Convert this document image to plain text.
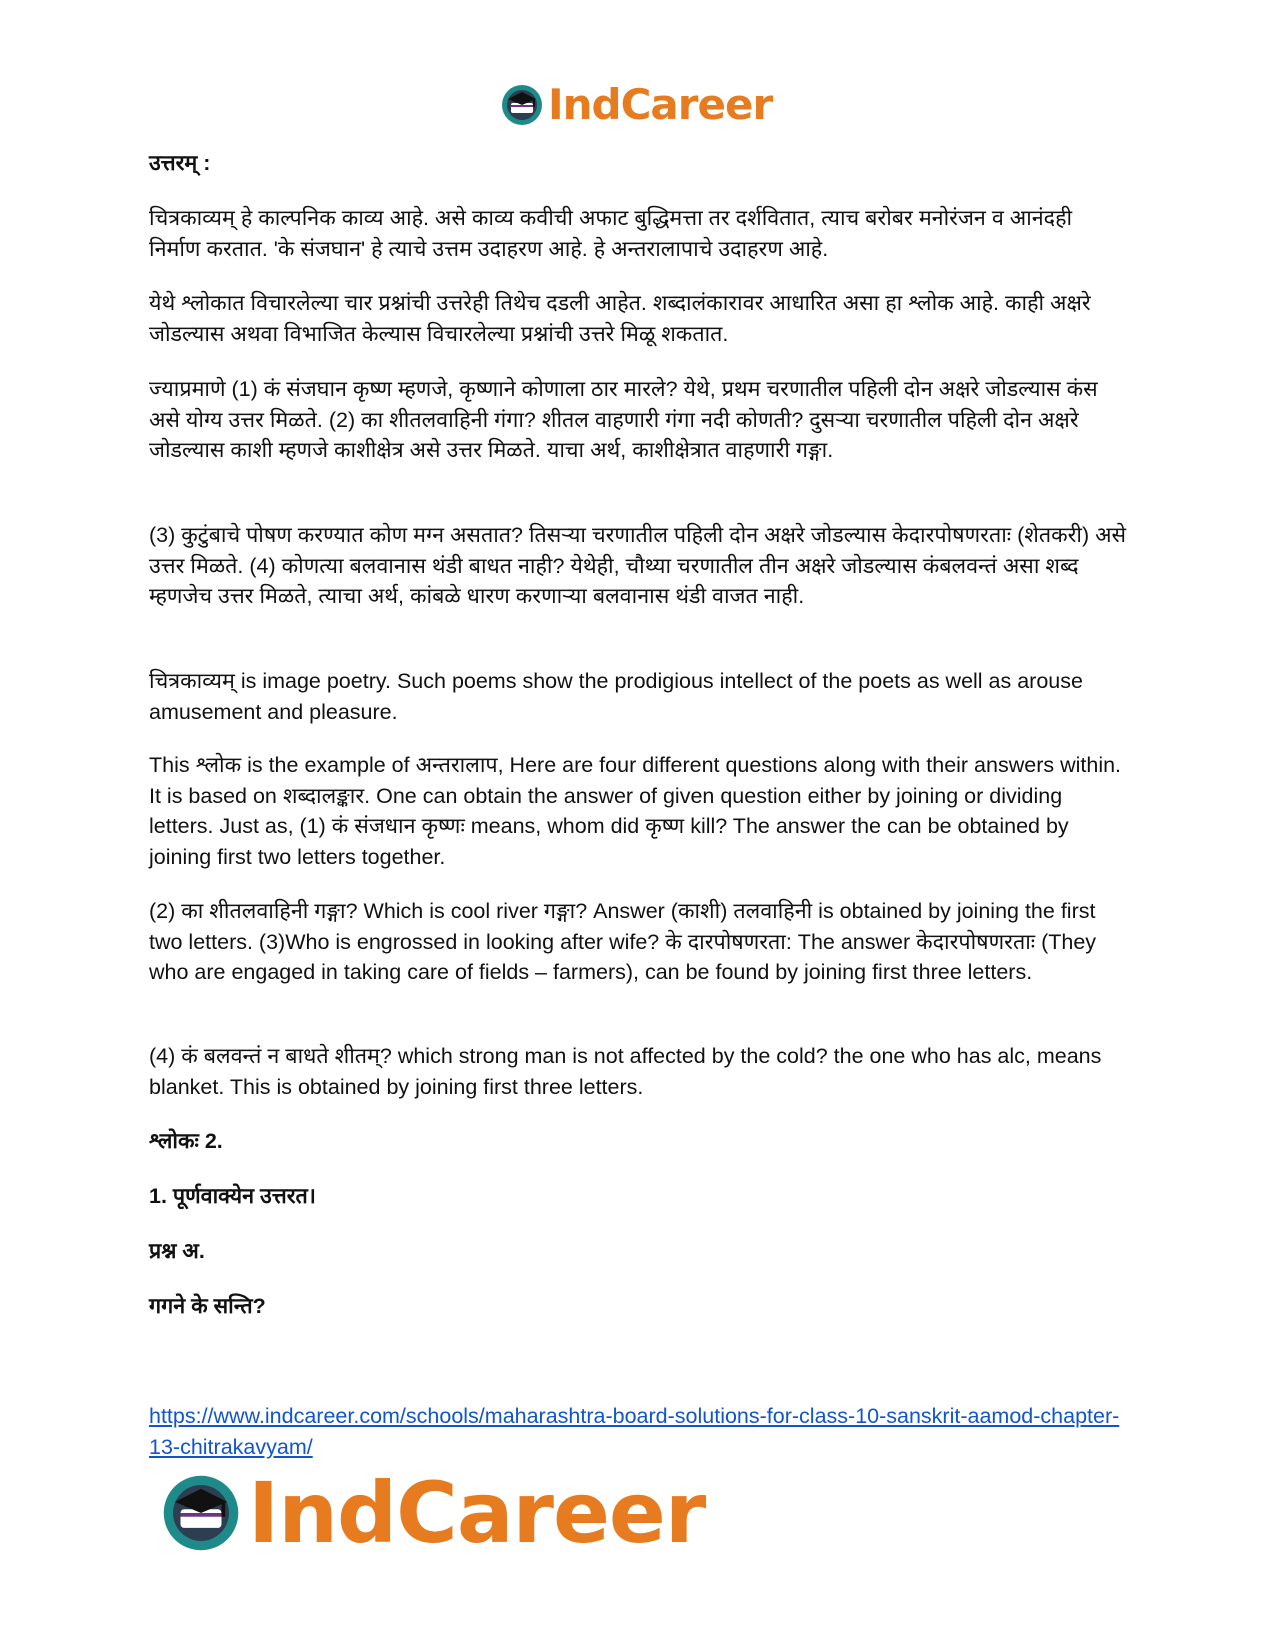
IndCareer

उत्तरम् :

चित्रकाव्यम् हे काल्पनिक काव्य आहे. असे काव्य कवीची अफाट बुद्धिमत्ता तर दर्शवितात, त्याच बरोबर मनोरंजन व आनंदही निर्माण करतात. 'के संजघान' हे त्याचे उत्तम उदाहरण आहे. हे अन्तरालापाचे उदाहरण आहे.

येथे श्लोकात विचारलेल्या चार प्रश्नांची उत्तरेही तिथेच दडली आहेत. शब्दालंकारावर आधारित असा हा श्लोक आहे. काही अक्षरे जोडल्यास अथवा विभाजित केल्यास विचारलेल्या प्रश्नांची उत्तरे मिळू शकतात.

ज्याप्रमाणे (1) कं संजघान कृष्ण म्हणजे, कृष्णाने कोणाला ठार मारले? येथे, प्रथम चरणातील पहिली दोन अक्षरे जोडल्यास कंस असे योग्य उत्तर मिळते. (2) का शीतलवाहिनी गंगा? शीतल वाहणारी गंगा नदी कोणती? दुसऱ्या चरणातील पहिली दोन अक्षरे जोडल्यास काशी म्हणजे काशीक्षेत्र असे उत्तर मिळते. याचा अर्थ, काशीक्षेत्रात वाहणारी गङ्गा.

(3) कुटुंबाचे पोषण करण्यात कोण मग्न असतात? तिसऱ्या चरणातील पहिली दोन अक्षरे जोडल्यास केदारपोषणरताः (शेतकरी) असे उत्तर मिळते. (4) कोणत्या बलवानास थंडी बाधत नाही? येथेही, चौथ्या चरणातील तीन अक्षरे जोडल्यास कंबलवन्तं असा शब्द म्हणजेच उत्तर मिळते, त्याचा अर्थ, कांबळे धारण करणाऱ्या बलवानास थंडी वाजत नाही.

चित्रकाव्यम् is image poetry. Such poems show the prodigious intellect of the poets as well as arouse amusement and pleasure.

This श्लोक is the example of अन्तरालाप, Here are four different questions along with their answers within. It is based on शब्दालङ्कार. One can obtain the answer of given question either by joining or dividing letters. Just as, (1) कं संजधान कृष्णः means, whom did कृष्ण kill? The answer the can be obtained by joining first two letters together.

(2) का शीतलवाहिनी गङ्गा? Which is cool river गङ्गा? Answer (काशी) तलवाहिनी is obtained by joining the first two letters. (3)Who is engrossed in looking after wife? के दारपोषणरता: The answer केदारपोषणरताः (They who are engaged in taking care of fields – farmers), can be found by joining first three letters.

(4) कं बलवन्तं न बाधते शीतम्? which strong man is not affected by the cold? the one who has alc, means blanket. This is obtained by joining first three letters.

श्लोकः 2.

1. पूर्णवाक्येन उत्तरत।

प्रश्न अ.

गगने के सन्ति?

https://www.indcareer.com/schools/maharashtra-board-solutions-for-class-10-sanskrit-aamod-chapter-13-chitrakavyam/
IndCareer
